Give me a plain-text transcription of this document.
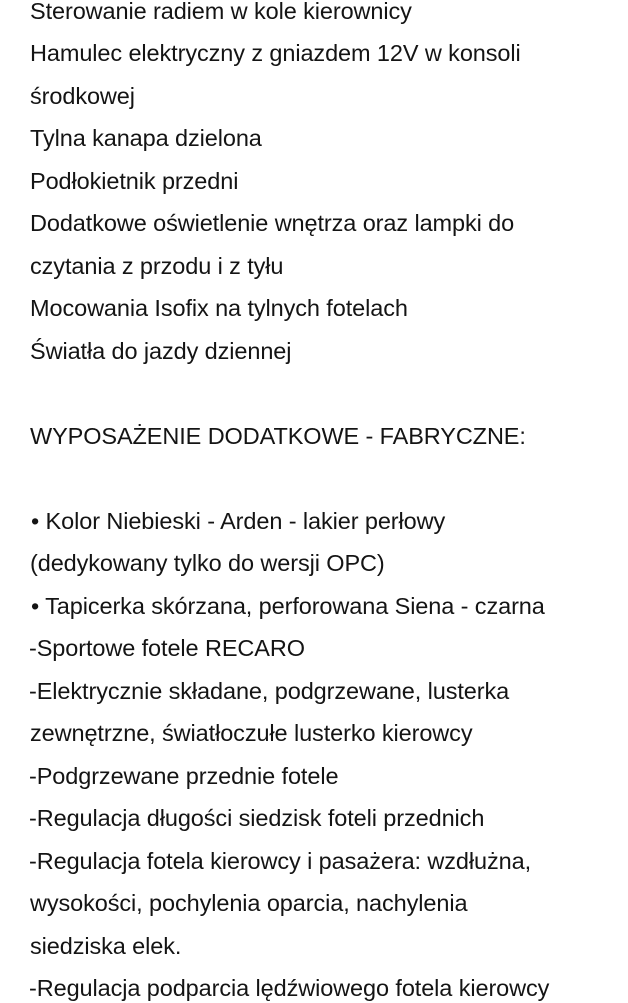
Sterowanie radiem w kole kierownicy
Hamulec elektryczny z gniazdem 12V w konsoli
środkowej
Tylna kanapa dzielona
Podłokietnik przedni
Dodatkowe oświetlenie wnętrza oraz lampki do
czytania z przodu i z tyłu
Mocowania Isofix na tylnych fotelach
Światła do jazdy dziennej
WYPOSAŻENIE DODATKOWE - FABRYCZNE:
• Kolor Niebieski - Arden - lakier perłowy
(dedykowany tylko do wersji OPC)
• Tapicerka skórzana, perforowana Siena - czarna
-Sportowe fotele RECARO
-Elektrycznie składane, podgrzewane, lusterka
zewnętrzne, światłoczułe lusterko kierowcy
-Podgrzewane przednie fotele
-Regulacja długości siedzisk foteli przednich
-Regulacja fotela kierowcy i pasażera: wzdłużna,
wysokości, pochylenia oparcia, nachylenia
siedziska elek.
-Regulacja podparcia lędźwiowego fotela kierowcy
